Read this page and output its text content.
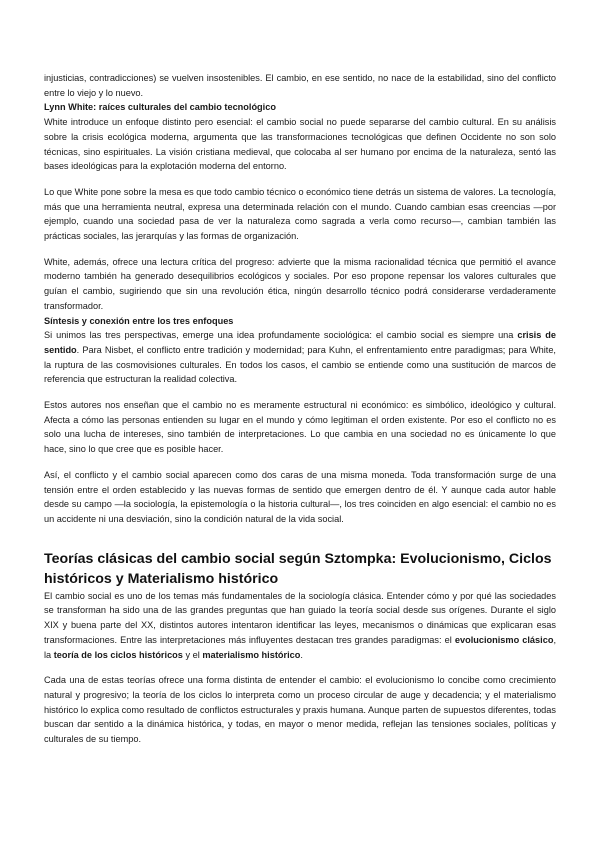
injusticias, contradicciones) se vuelven insostenibles. El cambio, en ese sentido, no nace de la estabilidad, sino del conflicto entre lo viejo y lo nuevo.

Lynn White: raíces culturales del cambio tecnológico

White introduce un enfoque distinto pero esencial: el cambio social no puede separarse del cambio cultural. En su análisis sobre la crisis ecológica moderna, argumenta que las transformaciones tecnológicas que definen Occidente no son solo técnicas, sino espirituales. La visión cristiana medieval, que colocaba al ser humano por encima de la naturaleza, sentó las bases ideológicas para la explotación moderna del entorno.

Lo que White pone sobre la mesa es que todo cambio técnico o económico tiene detrás un sistema de valores. La tecnología, más que una herramienta neutral, expresa una determinada relación con el mundo. Cuando cambian esas creencias —por ejemplo, cuando una sociedad pasa de ver la naturaleza como sagrada a verla como recurso—, cambian también las prácticas sociales, las jerarquías y las formas de organización.

White, además, ofrece una lectura crítica del progreso: advierte que la misma racionalidad técnica que permitió el avance moderno también ha generado desequilibrios ecológicos y sociales. Por eso propone repensar los valores culturales que guían el cambio, sugiriendo que sin una revolución ética, ningún desarrollo técnico podrá considerarse verdaderamente transformador.

Síntesis y conexión entre los tres enfoques

Si unimos las tres perspectivas, emerge una idea profundamente sociológica: el cambio social es siempre una crisis de sentido. Para Nisbet, el conflicto entre tradición y modernidad; para Kuhn, el enfrentamiento entre paradigmas; para White, la ruptura de las cosmovisiones culturales. En todos los casos, el cambio se entiende como una sustitución de marcos de referencia que estructuran la realidad colectiva.

Estos autores nos enseñan que el cambio no es meramente estructural ni económico: es simbólico, ideológico y cultural. Afecta a cómo las personas entienden su lugar en el mundo y cómo legitiman el orden existente. Por eso el conflicto no es solo una lucha de intereses, sino también de interpretaciones. Lo que cambia en una sociedad no es únicamente lo que hace, sino lo que cree que es posible hacer.

Así, el conflicto y el cambio social aparecen como dos caras de una misma moneda. Toda transformación surge de una tensión entre el orden establecido y las nuevas formas de sentido que emergen dentro de él. Y aunque cada autor hable desde su campo —la sociología, la epistemología o la historia cultural—, los tres coinciden en algo esencial: el cambio no es un accidente ni una desviación, sino la condición natural de la vida social.

Teorías clásicas del cambio social según Sztompka: Evolucionismo, Ciclos históricos y Materialismo histórico

El cambio social es uno de los temas más fundamentales de la sociología clásica. Entender cómo y por qué las sociedades se transforman ha sido una de las grandes preguntas que han guiado la teoría social desde sus orígenes. Durante el siglo XIX y buena parte del XX, distintos autores intentaron identificar las leyes, mecanismos o dinámicas que explicaran esas transformaciones. Entre las interpretaciones más influyentes destacan tres grandes paradigmas: el evolucionismo clásico, la teoría de los ciclos históricos y el materialismo histórico.

Cada una de estas teorías ofrece una forma distinta de entender el cambio: el evolucionismo lo concibe como crecimiento natural y progresivo; la teoría de los ciclos lo interpreta como un proceso circular de auge y decadencia; y el materialismo histórico lo explica como resultado de conflictos estructurales y praxis humana. Aunque parten de supuestos diferentes, todas buscan dar sentido a la dinámica histórica, y todas, en mayor o menor medida, reflejan las tensiones sociales, políticas y culturales de su tiempo.
